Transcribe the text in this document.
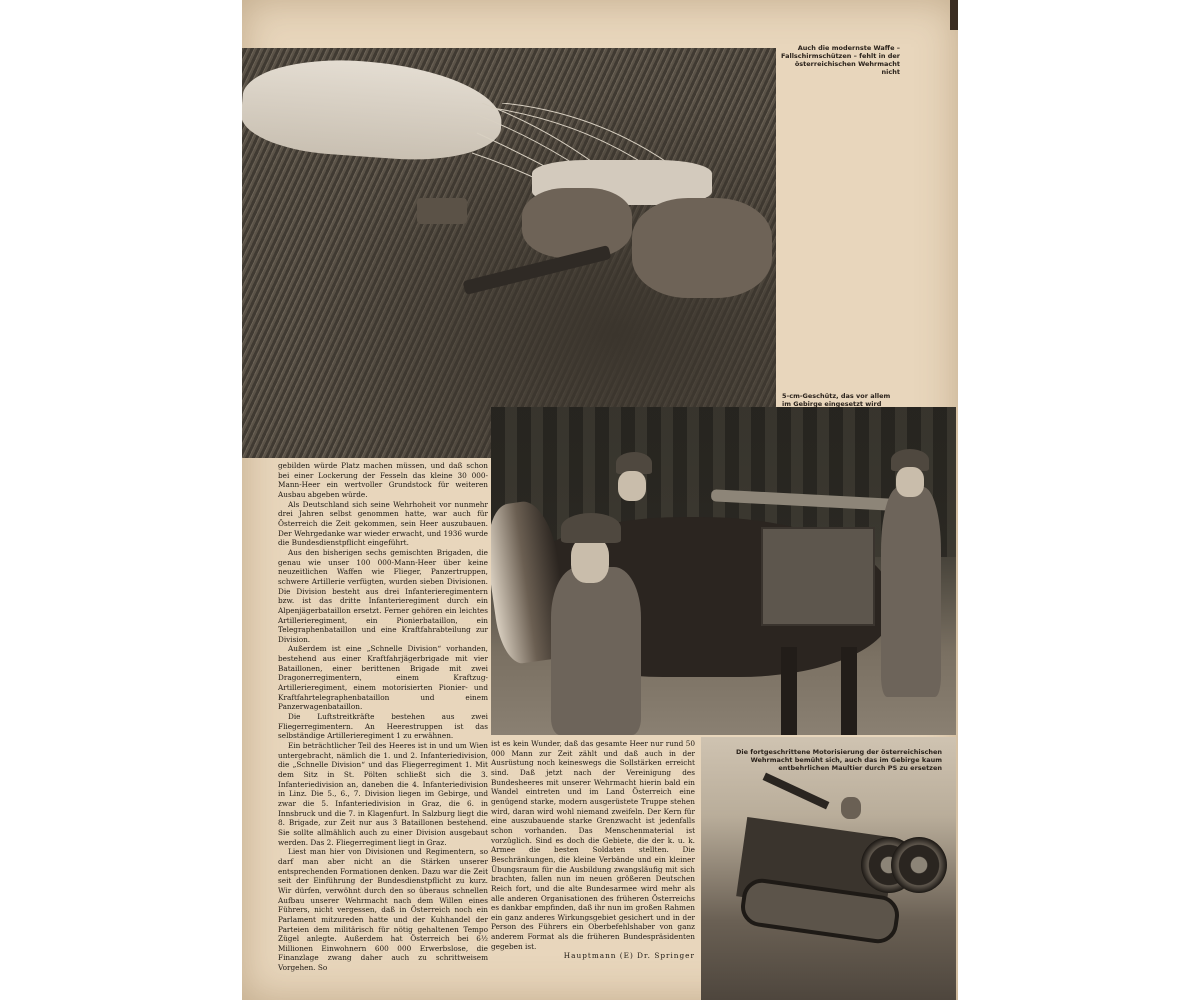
Auch die modernste Waffe – Fallschirmschützen – fehlt in der österreichischen Wehrmacht nicht
5-cm-Geschütz, das vor allem im Gebirge eingesetzt wird
Die fortgeschrittene Motorisierung der österreichischen Wehrmacht bemüht sich, auch das im Gebirge kaum entbehrlichen Maultier durch PS zu ersetzen

gebilden würde Platz machen müssen, und daß schon bei einer Lockerung der Fesseln das kleine 30 000-Mann-Heer ein wertvoller Grundstock für weiteren Ausbau abgeben würde.

Als Deutschland sich seine Wehrhoheit vor nunmehr drei Jahren selbst genommen hatte, war auch für Österreich die Zeit gekommen, sein Heer auszubauen. Der Wehrgedanke war wieder erwacht, und 1936 wurde die Bundesdienstpflicht eingeführt.

Aus den bisherigen sechs gemischten Brigaden, die genau wie unser 100 000-Mann-Heer über keine neuzeitlichen Waffen wie Flieger, Panzertruppen, schwere Artillerie verfügten, wurden sieben Divisionen. Die Division besteht aus drei Infanterieregimentern bzw. ist das dritte Infanterieregiment durch ein Alpenjägerbataillon ersetzt. Ferner gehören ein leichtes Artillerieregiment, ein Pionierbataillon, ein Telegraphenbataillon und eine Kraftfahrabteilung zur Division.

Außerdem ist eine „Schnelle Division“ vorhanden, bestehend aus einer Kraftfahrjägerbrigade mit vier Bataillonen, einer berittenen Brigade mit zwei Dragonerregimentern, einem Kraftzug-Artillerieregiment, einem motorisierten Pionier- und Kraftfahrtelegraphenbataillon und einem Panzerwagenbataillon.

Die Luftstreitkräfte bestehen aus zwei Fliegerregimentern. An Heerestruppen ist das selbständige Artillerieregiment 1 zu erwähnen.

Ein beträchtlicher Teil des Heeres ist in und um Wien untergebracht, nämlich die 1. und 2. Infanteriedivision, die „Schnelle Division“ und das Fliegerregiment 1. Mit dem Sitz in St. Pölten schließt sich die 3. Infanteriedivision an, daneben die 4. Infanteriedivision in Linz. Die 5., 6., 7. Division liegen im Gebirge, und zwar die 5. Infanteriedivision in Graz, die 6. in Innsbruck und die 7. in Klagenfurt. In Salzburg liegt die 8. Brigade, zur Zeit nur aus 3 Bataillonen bestehend. Sie sollte allmählich auch zu einer Division ausgebaut werden. Das 2. Fliegerregiment liegt in Graz.

Liest man hier von Divisionen und Regimentern, so darf man aber nicht an die Stärken unserer entsprechenden Formationen denken. Dazu war die Zeit seit der Einführung der Bundesdienstpflicht zu kurz. Wir dürfen, verwöhnt durch den so überaus schnellen Aufbau unserer Wehrmacht nach dem Willen eines Führers, nicht vergessen, daß in Österreich noch ein Parlament mitzureden hatte und der Kuhhandel der Parteien dem militärisch für nötig gehaltenen Tempo Zügel anlegte. Außerdem hat Österreich bei 6½ Millionen Einwohnern 600 000 Erwerbslose, die Finanzlage zwang daher auch zu schrittweisem Vorgehen. So

ist es kein Wunder, daß das gesamte Heer nur rund 50 000 Mann zur Zeit zählt und daß auch in der Ausrüstung noch keineswegs die Sollstärken erreicht sind. Daß jetzt nach der Vereinigung des Bundesheeres mit unserer Wehrmacht hierin bald ein Wandel eintreten und im Land Österreich eine genügend starke, modern ausgerüstete Truppe stehen wird, daran wird wohl niemand zweifeln. Der Kern für eine auszubauende starke Grenzwacht ist jedenfalls schon vorhanden. Das Menschenmaterial ist vorzüglich. Sind es doch die Gebiete, die der k. u. k. Armee die besten Soldaten stellten. Die Beschränkungen, die kleine Verbände und ein kleiner Übungsraum für die Ausbildung zwangsläufig mit sich brachten, fallen nun im neuen größeren Deutschen Reich fort, und die alte Bundesarmee wird mehr als alle anderen Organisationen des früheren Österreichs es dankbar empfinden, daß ihr nun im großen Rahmen ein ganz anderes Wirkungsgebiet gesichert und in der Person des Führers ein Oberbefehlshaber von ganz anderem Format als die früheren Bundespräsidenten gegeben ist.

Hauptmann (E) Dr. Springer
